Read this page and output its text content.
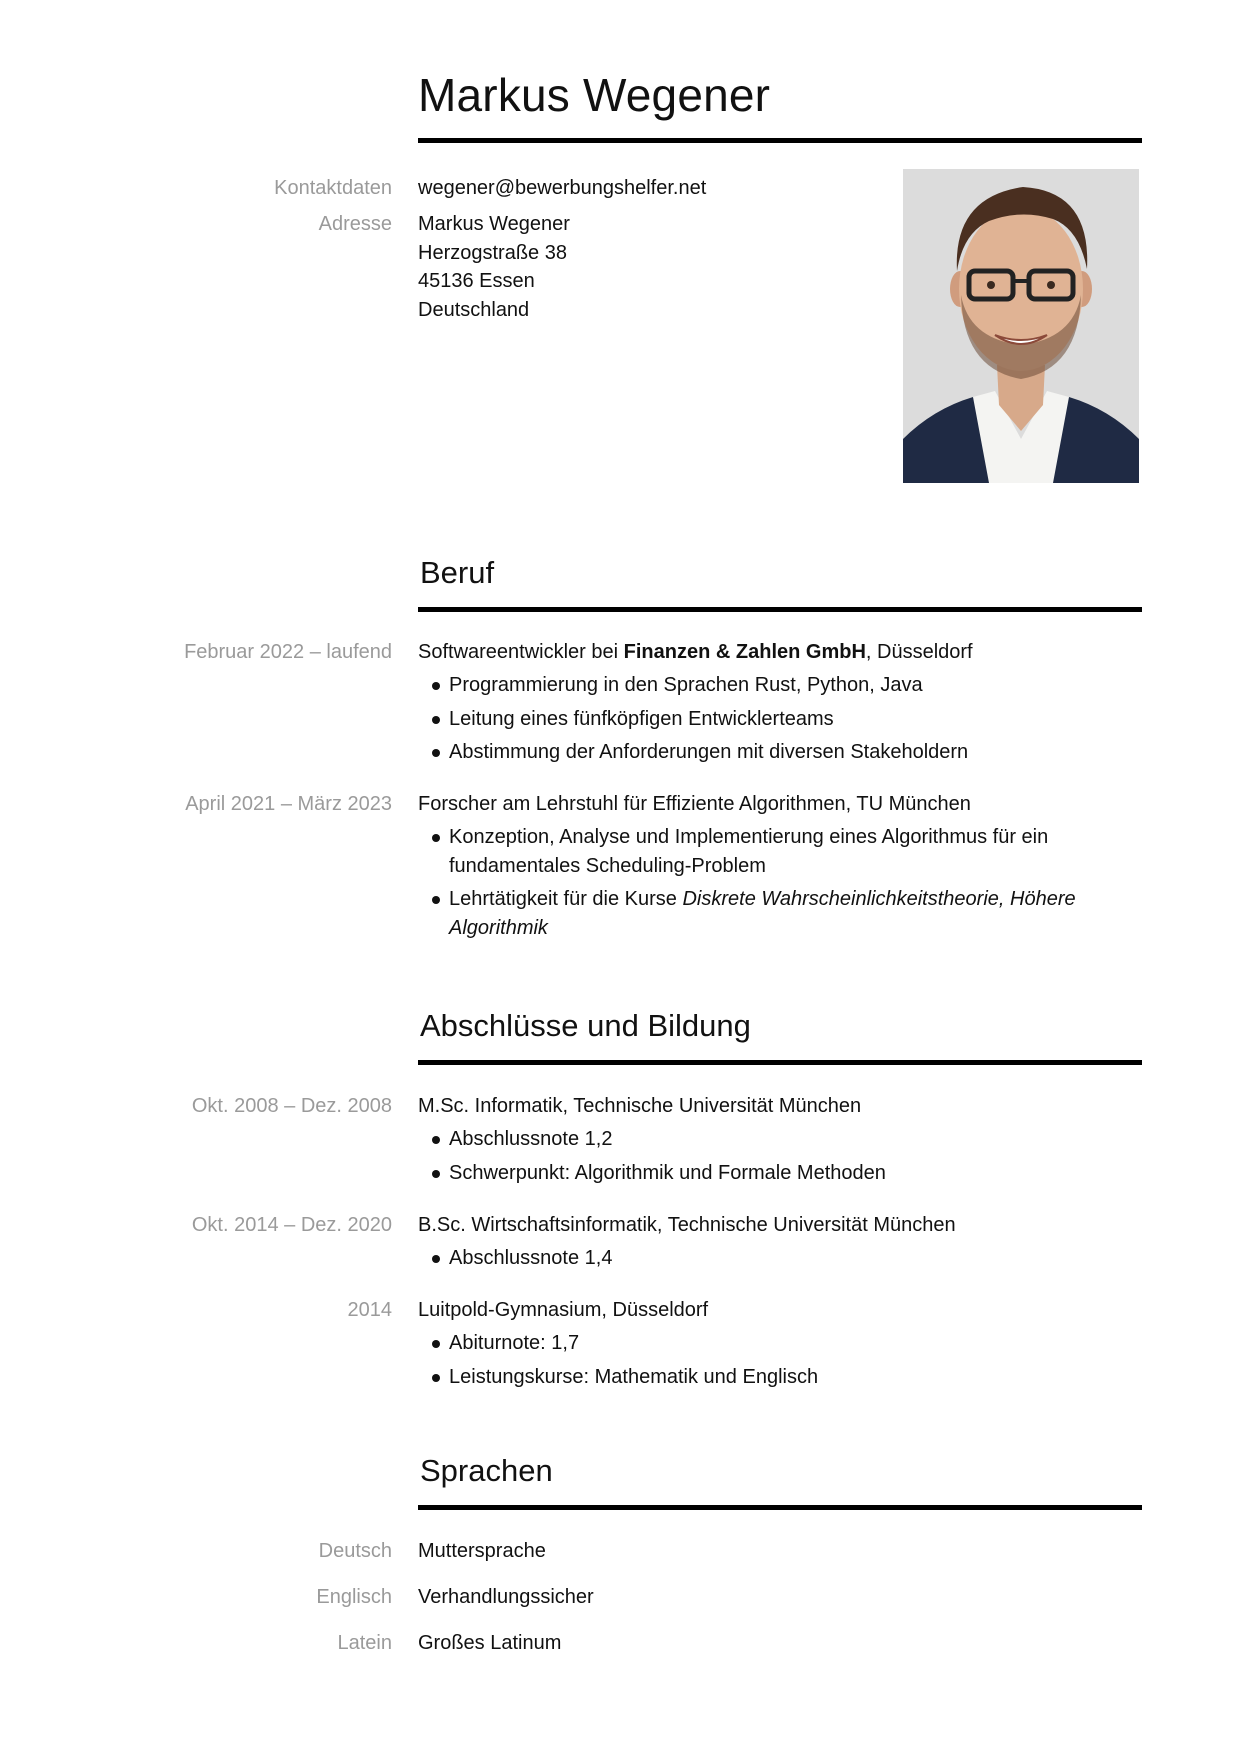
Markus Wegener
Kontaktdaten wegener@bewerbungshelfer.net
Adresse Markus Wegener
Herzogstraße 38
45136 Essen
Deutschland
Beruf
Februar 2022 – laufend Softwareentwickler bei Finanzen & Zahlen GmbH, Düsseldorf
Programmierung in den Sprachen Rust, Python, Java
Leitung eines fünfköpfigen Entwicklerteams
Abstimmung der Anforderungen mit diversen Stakeholdern
April 2021 – März 2023 Forscher am Lehrstuhl für Effiziente Algorithmen, TU München
Konzeption, Analyse und Implementierung eines Algorithmus für ein fundamentales Scheduling-Problem
Lehrtätigkeit für die Kurse Diskrete Wahrscheinlichkeitstheorie, Höhere Algorithmik
Abschlüsse und Bildung
Okt. 2008 – Dez. 2008 M.Sc. Informatik, Technische Universität München
Abschlussnote 1,2
Schwerpunkt: Algorithmik und Formale Methoden
Okt. 2014 – Dez. 2020 B.Sc. Wirtschaftsinformatik, Technische Universität München
Abschlussnote 1,4
2014 Luitpold-Gymnasium, Düsseldorf
Abiturnote: 1,7
Leistungskurse: Mathematik und Englisch
Sprachen
Deutsch Muttersprache
Englisch Verhandlungssicher
Latein Großes Latinum
